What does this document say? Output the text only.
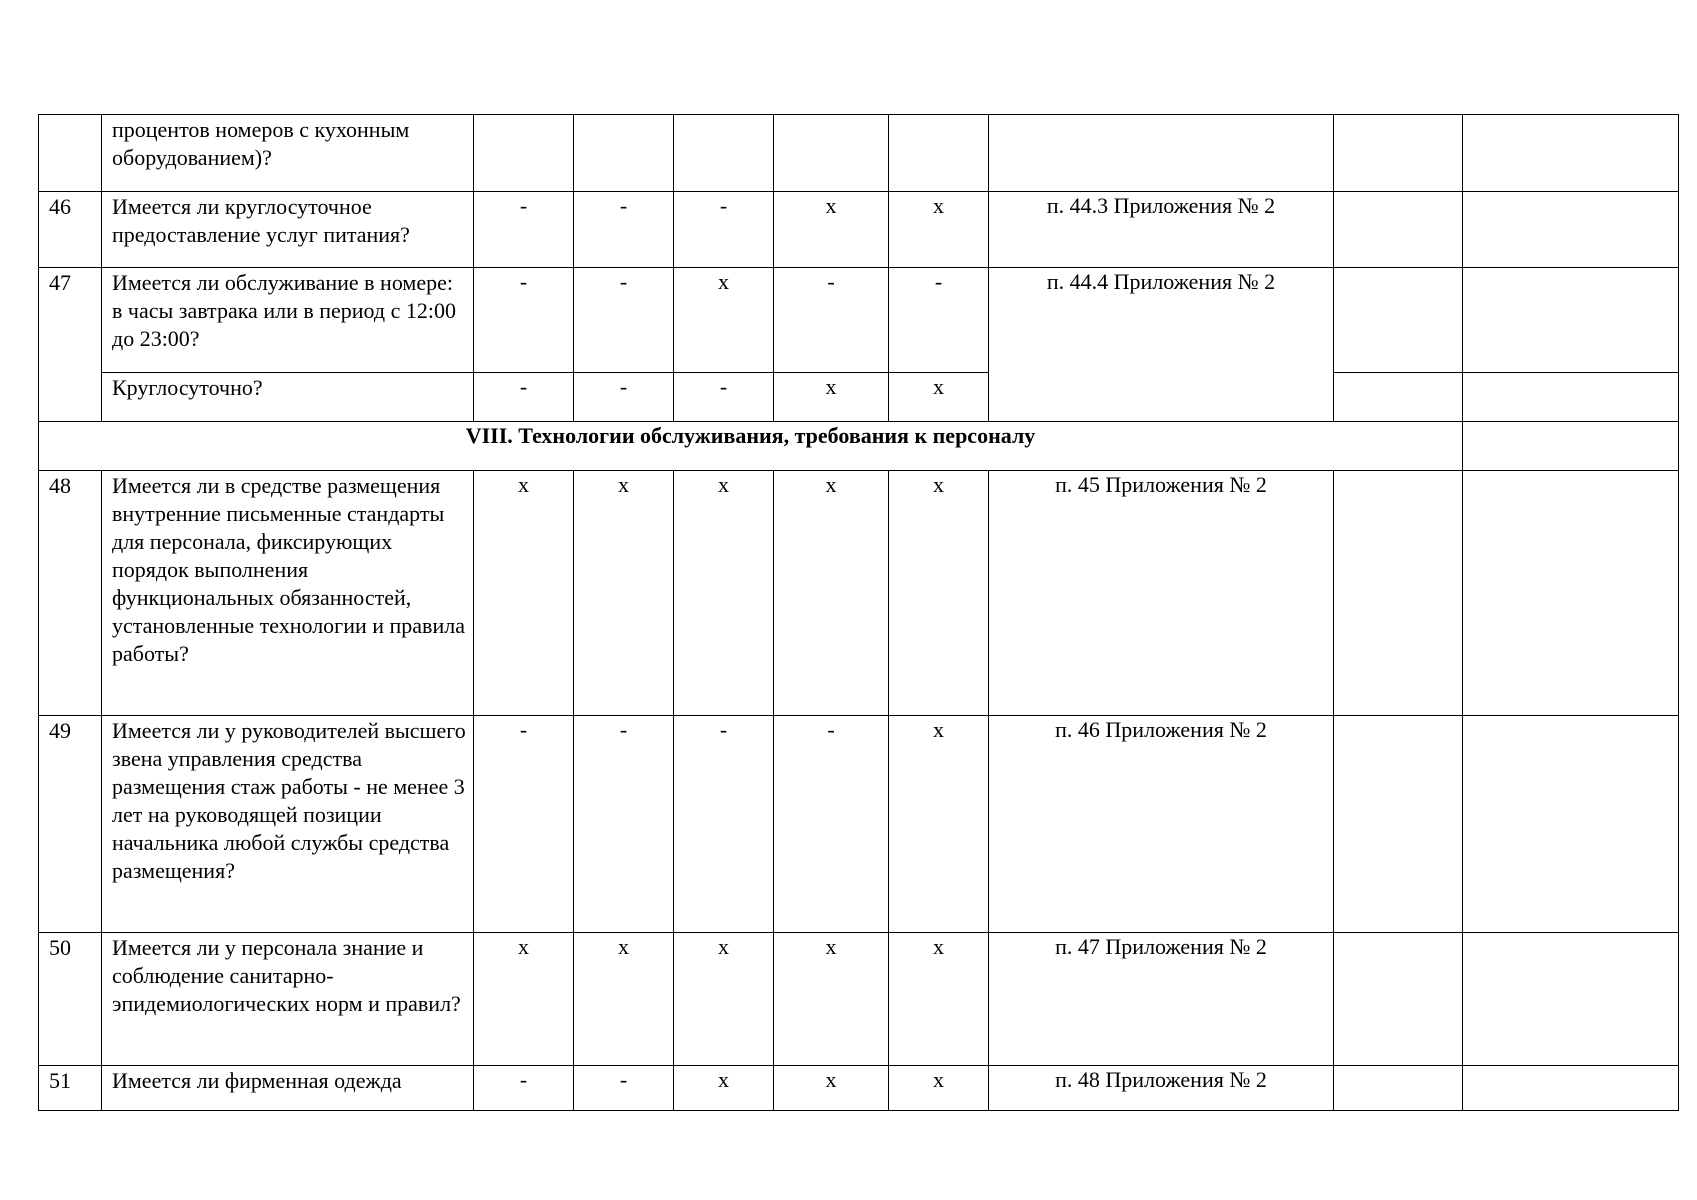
	процентов номеров с кухонным оборудованием)?								
46	Имеется ли круглосуточное предоставление услуг питания?	-	-	-	х	х	п. 44.3 Приложения № 2		
47	Имеется ли обслуживание в номере: в часы завтрака или в период с 12:00 до 23:00?	-	-	х	-	-	п. 44.4 Приложения № 2		
	Круглосуточно?	-	-	-	х	х			
VIII. Технологии обслуживания, требования к персоналу									
48	Имеется ли в средстве размещения внутренние письменные стандарты для персонала, фиксирующих порядок выполнения функциональных обязанностей, установленные технологии и правила работы?	х	х	х	х	х	п. 45 Приложения № 2		
49	Имеется ли у руководителей высшего звена управления средства размещения стаж работы - не менее 3 лет на руководящей позиции начальника любой службы средства размещения?	-	-	-	-	х	п. 46 Приложения № 2		
50	Имеется ли у персонала знание и соблюдение санитарно-эпидемиологических норм и правил?	х	х	х	х	х	п. 47 Приложения № 2		
51	Имеется ли фирменная одежда	-	-	х	х	х	п. 48 Приложения № 2		
